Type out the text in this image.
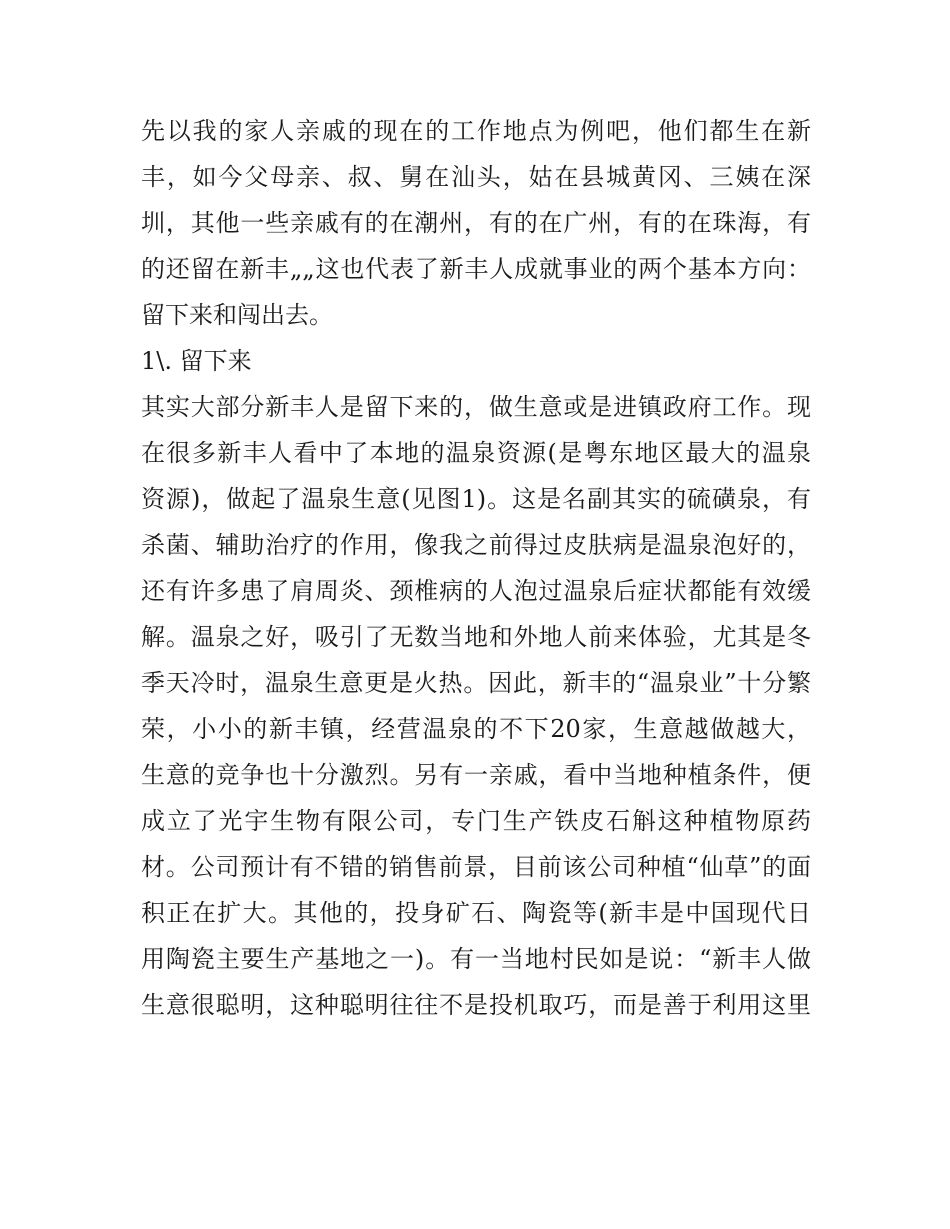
先以我的家人亲戚的现在的工作地点为例吧，他们都生在新
丰，如今父母亲、叔、舅在汕头，姑在县城黄冈、三姨在深
圳，其他一些亲戚有的在潮州，有的在广州，有的在珠海，有
的还留在新丰„„这也代表了新丰人成就事业的两个基本方向：
留下来和闯出去。
1\. 留下来
其实大部分新丰人是留下来的，做生意或是进镇政府工作。现
在很多新丰人看中了本地的温泉资源(是粤东地区最大的温泉
资源)，做起了温泉生意(见图1)。这是名副其实的硫磺泉，有
杀菌、辅助治疗的作用，像我之前得过皮肤病是温泉泡好的，
还有许多患了肩周炎、颈椎病的人泡过温泉后症状都能有效缓
解。温泉之好，吸引了无数当地和外地人前来体验，尤其是冬
季天冷时，温泉生意更是火热。因此，新丰的“温泉业”十分繁
荣，小小的新丰镇，经营温泉的不下20家，生意越做越大，
生意的竞争也十分激烈。另有一亲戚，看中当地种植条件，便
成立了光宇生物有限公司，专门生产铁皮石斛这种植物原药
材。公司预计有不错的销售前景，目前该公司种植“仙草”的面
积正在扩大。其他的，投身矿石、陶瓷等(新丰是中国现代日
用陶瓷主要生产基地之一)。有一当地村民如是说：“新丰人做
生意很聪明，这种聪明往往不是投机取巧，而是善于利用这里
